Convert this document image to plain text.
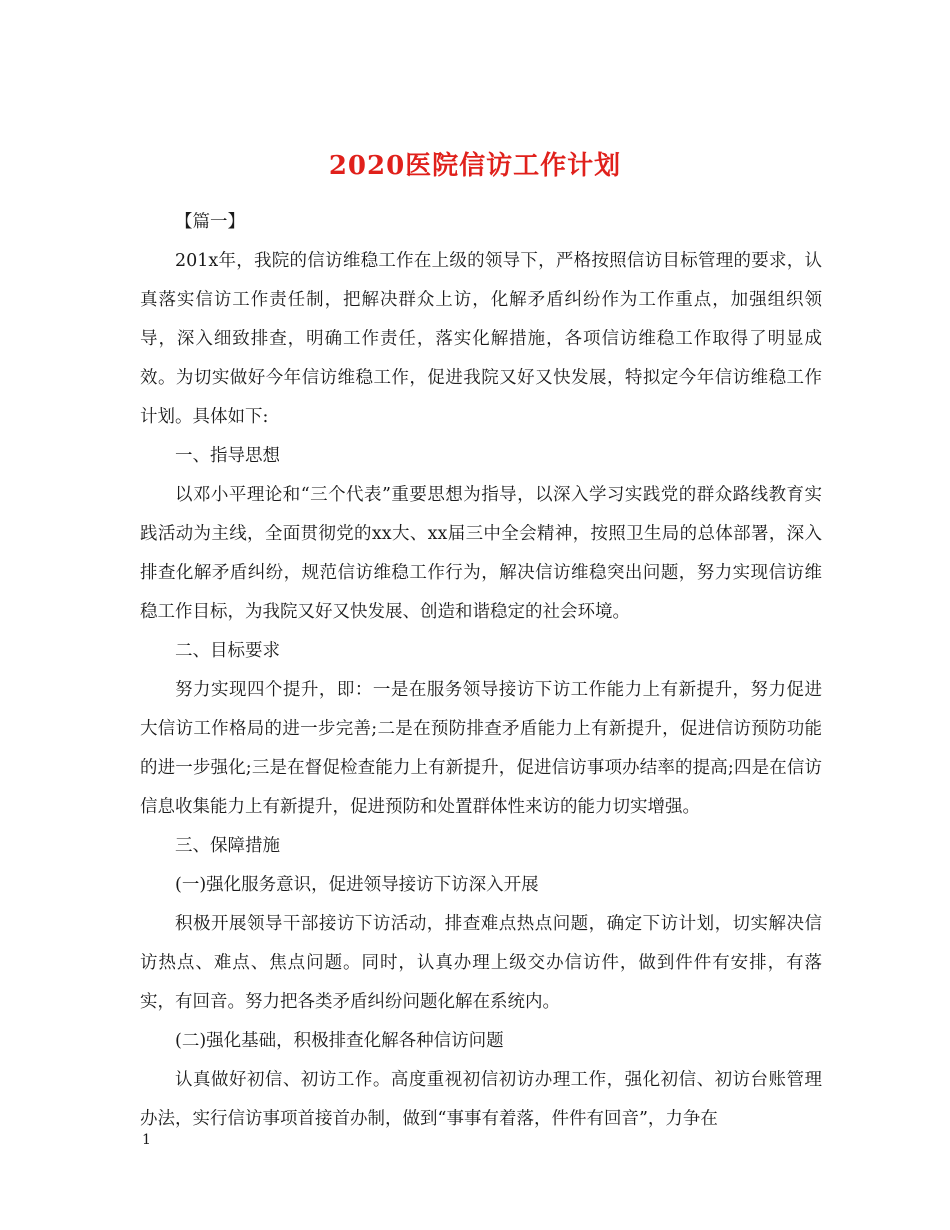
2020医院信访工作计划

【篇一】

201x年，我院的信访维稳工作在上级的领导下，严格按照信访目标管理的要求，认真落实信访工作责任制，把解决群众上访，化解矛盾纠纷作为工作重点，加强组织领导，深入细致排查，明确工作责任，落实化解措施，各项信访维稳工作取得了明显成效。为切实做好今年信访维稳工作，促进我院又好又快发展，特拟定今年信访维稳工作计划。具体如下:

一、指导思想

以邓小平理论和“三个代表”重要思想为指导，以深入学习实践党的群众路线教育实践活动为主线，全面贯彻党的xx大、xx届三中全会精神，按照卫生局的总体部署，深入排查化解矛盾纠纷，规范信访维稳工作行为，解决信访维稳突出问题，努力实现信访维稳工作目标，为我院又好又快发展、创造和谐稳定的社会环境。

二、目标要求

努力实现四个提升，即：一是在服务领导接访下访工作能力上有新提升，努力促进大信访工作格局的进一步完善;二是在预防排查矛盾能力上有新提升，促进信访预防功能的进一步强化;三是在督促检查能力上有新提升，促进信访事项办结率的提高;四是在信访信息收集能力上有新提升，促进预防和处置群体性来访的能力切实增强。

三、保障措施

(一)强化服务意识，促进领导接访下访深入开展

积极开展领导干部接访下访活动，排查难点热点问题，确定下访计划，切实解决信访热点、难点、焦点问题。同时，认真办理上级交办信访件，做到件件有安排，有落实，有回音。努力把各类矛盾纠纷问题化解在系统内。

(二)强化基础，积极排查化解各种信访问题

认真做好初信、初访工作。高度重视初信初访办理工作，强化初信、初访台账管理办法，实行信访事项首接首办制，做到“事事有着落，件件有回音”，力争在

1
